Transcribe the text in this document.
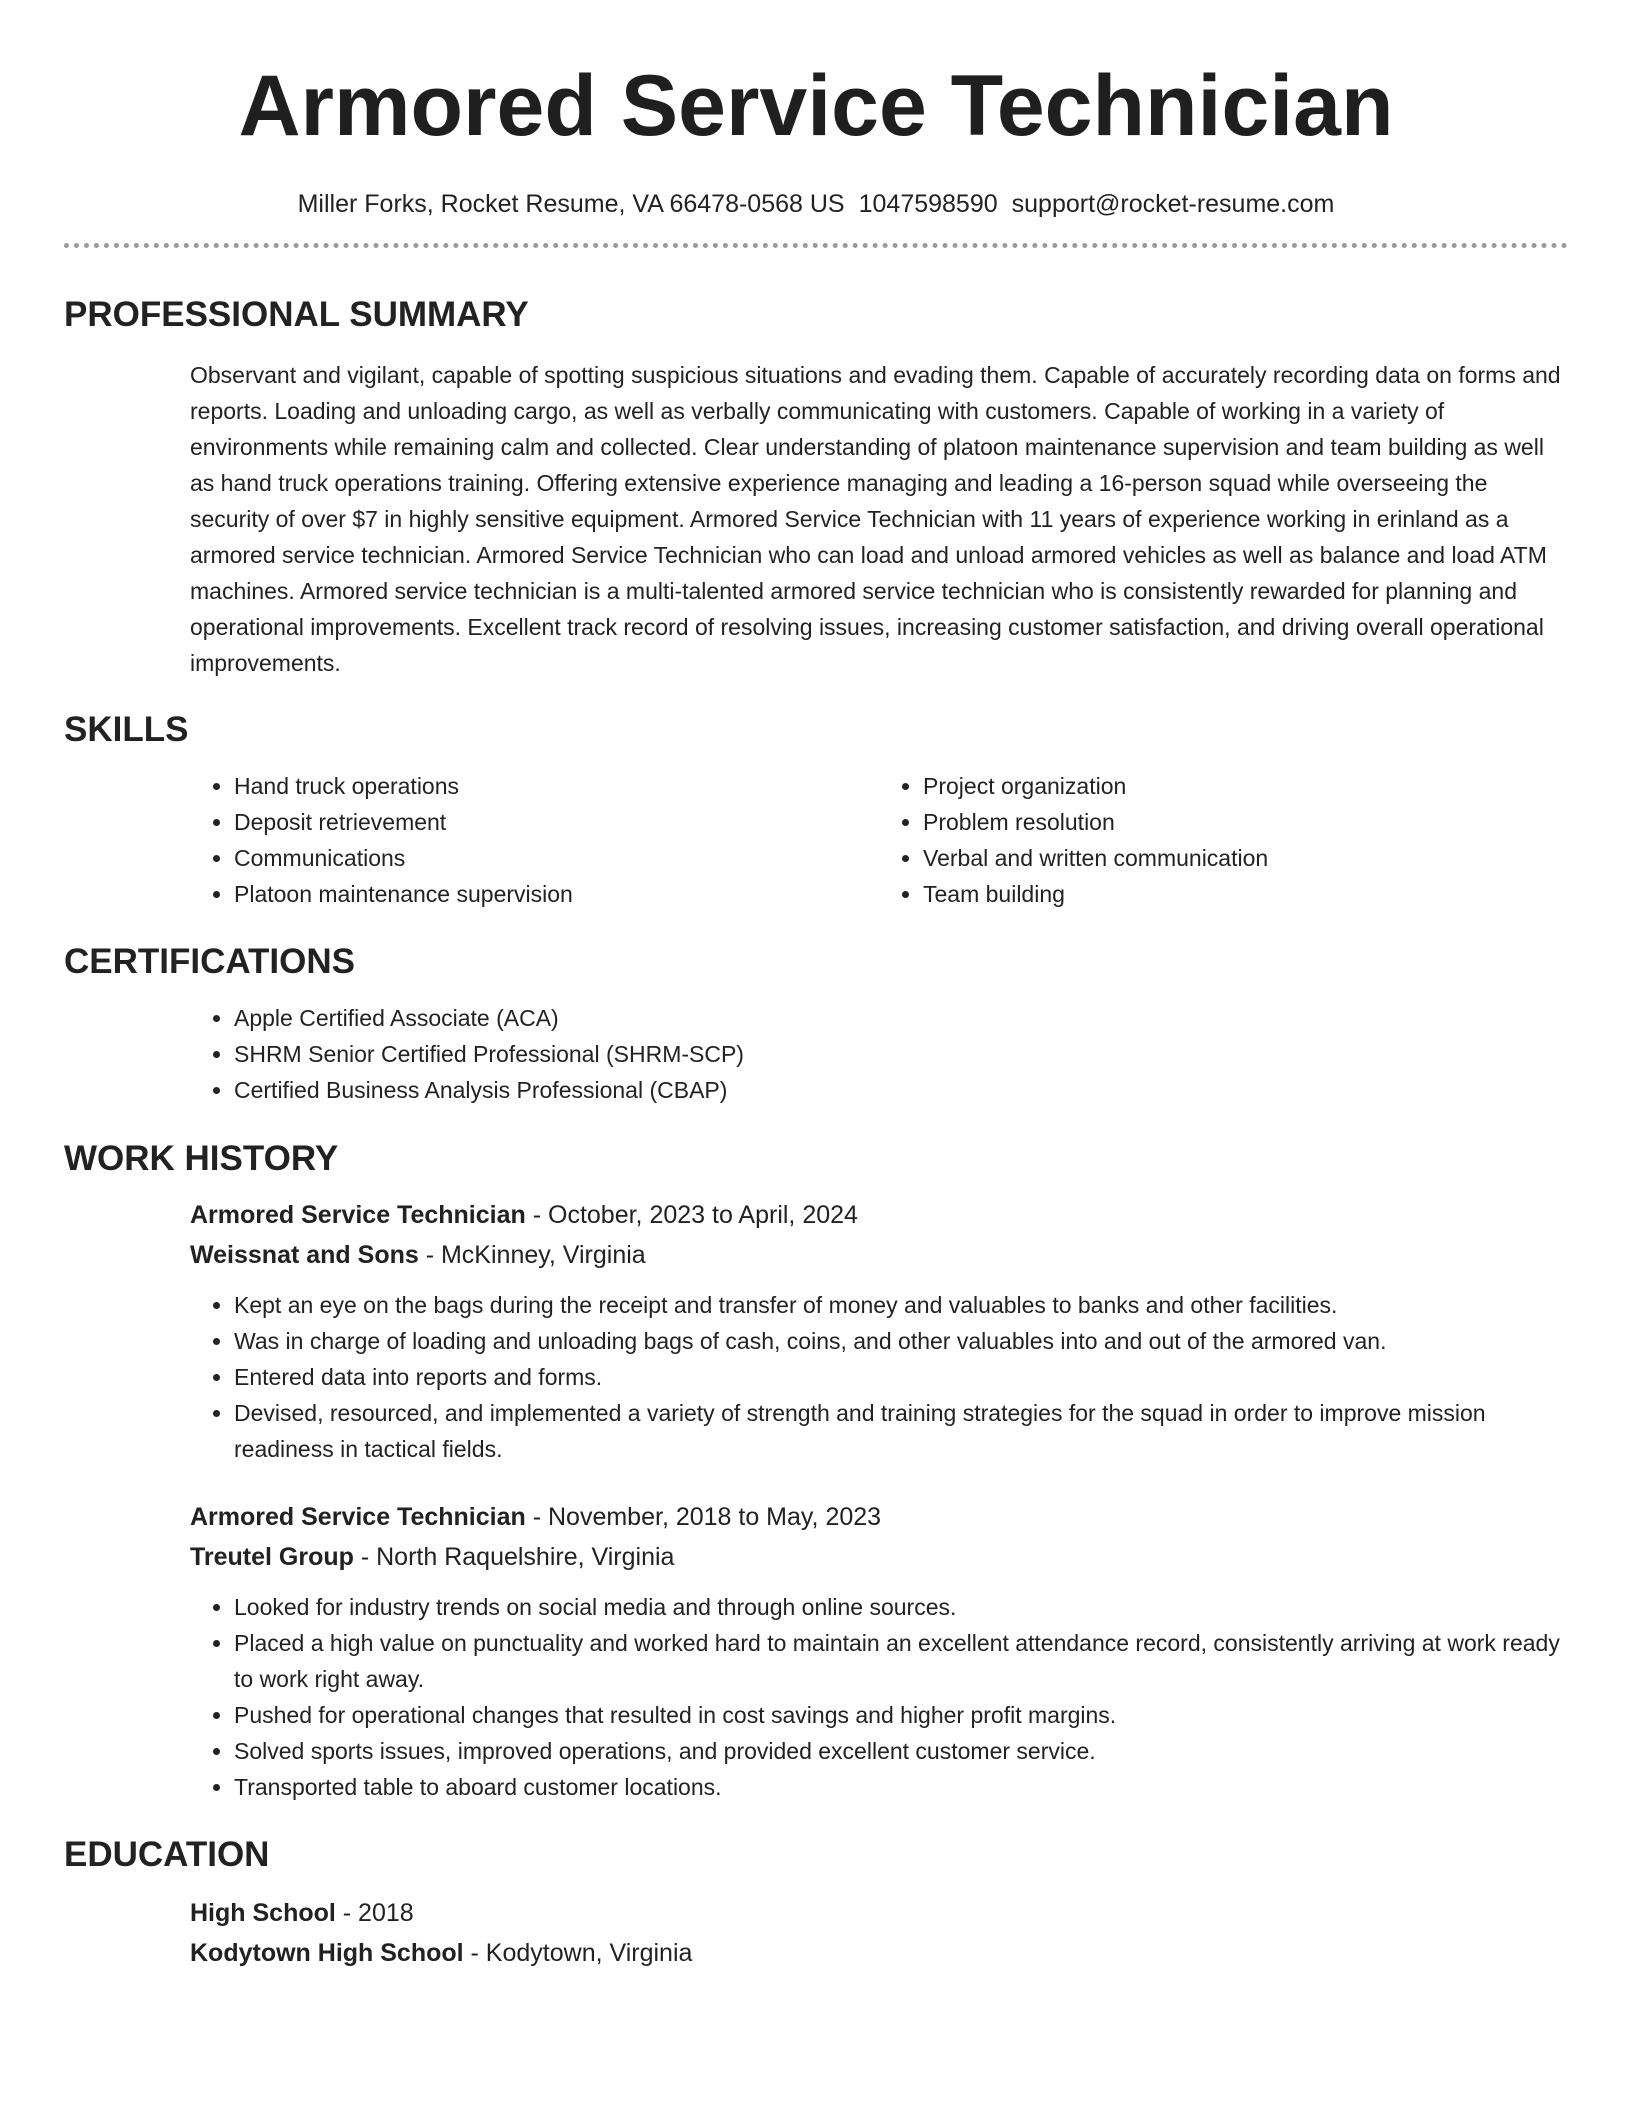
Armored Service Technician
Miller Forks, Rocket Resume, VA 66478-0568 US 1047598590 support@rocket-resume.com
PROFESSIONAL SUMMARY

Observant and vigilant, capable of spotting suspicious situations and evading them. Capable of accurately recording data on forms and reports. Loading and unloading cargo, as well as verbally communicating with customers. Capable of working in a variety of environments while remaining calm and collected. Clear understanding of platoon maintenance supervision and team building as well as hand truck operations training. Offering extensive experience managing and leading a 16-person squad while overseeing the security of over $7 in highly sensitive equipment. Armored Service Technician with 11 years of experience working in erinland as a armored service technician. Armored Service Technician who can load and unload armored vehicles as well as balance and load ATM machines. Armored service technician is a multi-talented armored service technician who is consistently rewarded for planning and operational improvements. Excellent track record of resolving issues, increasing customer satisfaction, and driving overall operational improvements.

SKILLS
• Hand truck operations
• Deposit retrievement
• Communications
• Platoon maintenance supervision
• Project organization
• Problem resolution
• Verbal and written communication
• Team building
CERTIFICATIONS
• Apple Certified Associate (ACA)
• SHRM Senior Certified Professional (SHRM-SCP)
• Certified Business Analysis Professional (CBAP)
WORK HISTORY
Armored Service Technician - October, 2023 to April, 2024
Weissnat and Sons - McKinney, Virginia
• Kept an eye on the bags during the receipt and transfer of money and valuables to banks and other facilities.
• Was in charge of loading and unloading bags of cash, coins, and other valuables into and out of the armored van.
• Entered data into reports and forms.
• Devised, resourced, and implemented a variety of strength and training strategies for the squad in order to improve mission readiness in tactical fields.
Armored Service Technician - November, 2018 to May, 2023
Treutel Group - North Raquelshire, Virginia
• Looked for industry trends on social media and through online sources.
• Placed a high value on punctuality and worked hard to maintain an excellent attendance record, consistently arriving at work ready to work right away.
• Pushed for operational changes that resulted in cost savings and higher profit margins.
• Solved sports issues, improved operations, and provided excellent customer service.
• Transported table to aboard customer locations.
EDUCATION
High School - 2018
Kodytown High School - Kodytown, Virginia
